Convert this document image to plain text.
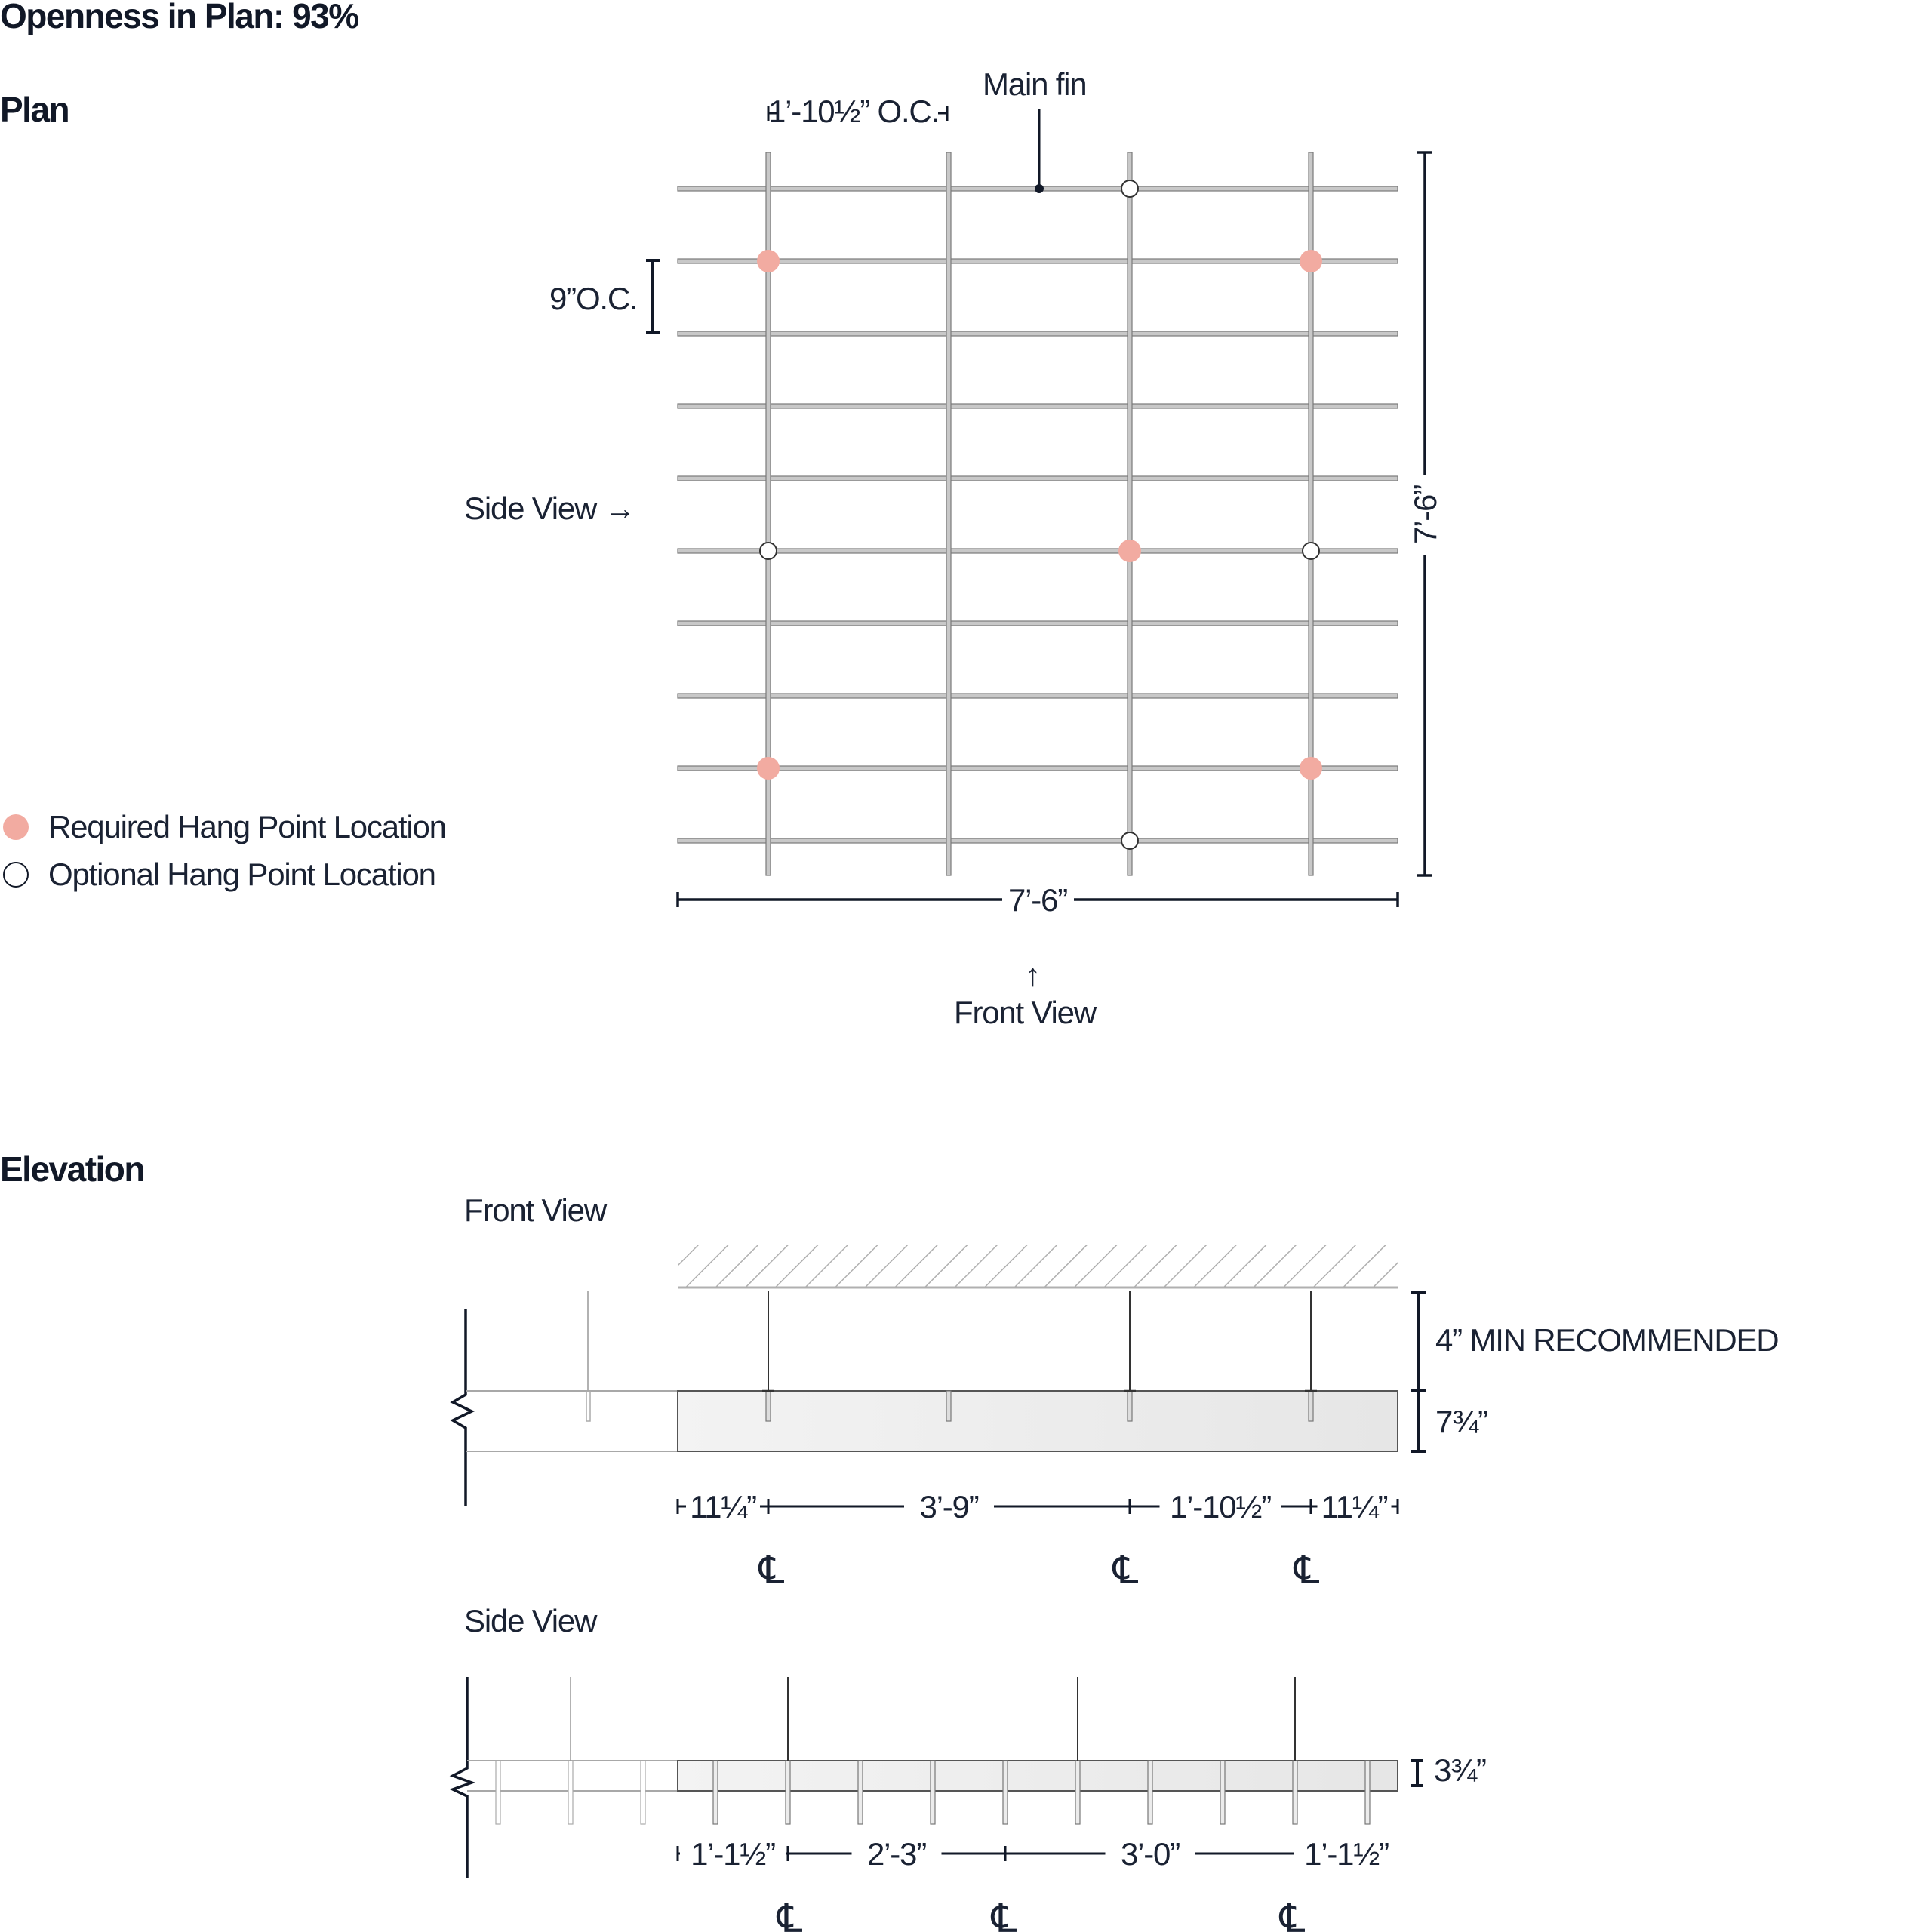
Openness in Plan: 93%
Plan
Elevation
Required Hang Point Location
Optional Hang Point Location
1’-10½” O.C.
Main fin
9”O.C.
Side View →
↑
Front View
Front View
4” MIN RECOMMENDED
7¾”
Side View
3¾”
7’-6”
7’-6”
11¼”	3’-9”	1’-10½” 11¼”
℄	℄	℄
1’-1½”	2’-3”	3’-0”	1’-1½”
℄	℄	℄
